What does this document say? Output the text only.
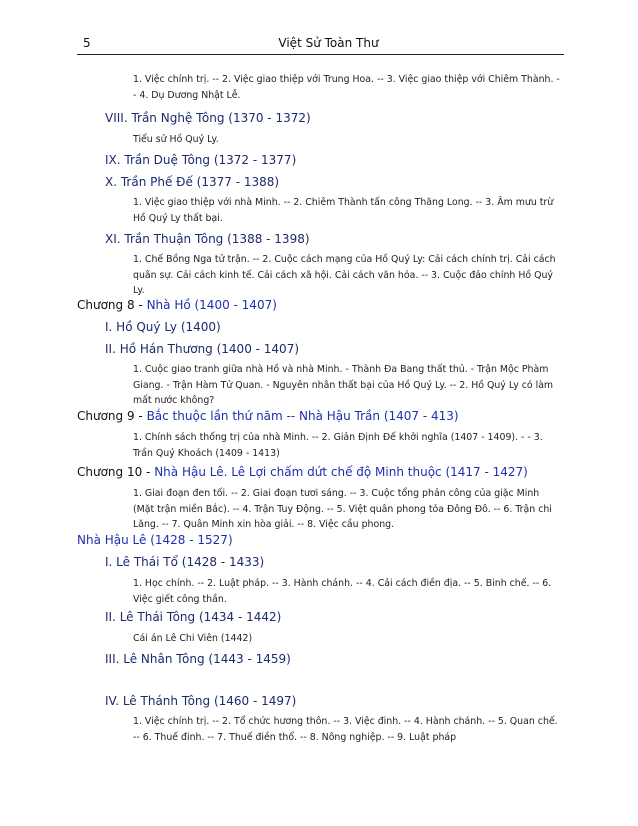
5	Việt Sử Toàn Thư
1. Việc chính trị. -- 2. Việc giao thiệp với Trung Hoa. -- 3. Việc giao thiệp với Chiêm Thành. -- 4. Dụ Dương Nhật Lễ.
VIII. Trần Nghệ Tông (1370 - 1372)
Tiểu sử Hồ Quý Ly.
IX. Trần Duệ Tông (1372 - 1377)
X. Trần Phế Đế (1377 - 1388)
1. Việc giao thiệp với nhà Minh. -- 2. Chiêm Thành tấn công Thăng Long. -- 3. Âm mưu trừ Hồ Quý Ly thất bại.
XI. Trần Thuận Tông (1388 - 1398)
1. Chế Bồng Nga tử trận. -- 2. Cuộc cách mạng của Hồ Quý Ly: Cải cách chính trị. Cải cách quân sự. Cải cách kinh tế. Cải cách xã hội. Cải cách văn hóa. -- 3. Cuộc đảo chính Hồ Quý Ly.
Chương 8 - Nhà Hồ (1400 - 1407)
I. Hồ Quý Ly (1400)
II. Hồ Hán Thương (1400 - 1407)
1. Cuộc giao tranh giữa nhà Hồ và nhà Minh. - Thành Đa Bang thất thủ. - Trận Mộc Phàm Giang. - Trận Hàm Tử Quan. - Nguyên nhân thất bại của Hồ Quý Ly. -- 2. Hồ Quý Ly có làm mất nước không?
Chương 9 - Bắc thuộc lần thứ năm -- Nhà Hậu Trần (1407 - 413)
1. Chính sách thống trị của nhà Minh. -- 2. Giản Định Đế khởi nghĩa (1407 - 1409). - - 3. Trần Quý Khoách (1409 - 1413)
Chương 10 - Nhà Hậu Lê. Lê Lợi chấm dứt chế độ Minh thuộc (1417 - 1427)
1. Giai đoạn đen tối. -- 2. Giai đoạn tươi sáng. -- 3. Cuộc tổng phản công của giặc Minh (Mặt trận miền Bắc). -- 4. Trận Tuy Động. -- 5. Việt quân phong tỏa Đông Đô. -- 6. Trận chi Lăng. -- 7. Quân Minh xin hòa giải. -- 8. Việc cầu phong.
Nhà Hậu Lê (1428 - 1527)
I. Lê Thái Tổ (1428 - 1433)
1. Học chính. -- 2. Luật pháp. -- 3. Hành chánh. -- 4. Cải cách điền địa. -- 5. Binh chế. -- 6. Việc giết công thần.
II. Lê Thái Tông (1434 - 1442)
Cái án Lê Chi Viên (1442)
III. Lê Nhân Tông (1443 - 1459)
IV. Lê Thánh Tông (1460 - 1497)
1. Việc chính trị. -- 2. Tổ chức hương thôn. -- 3. Việc đinh. -- 4. Hành chánh. -- 5. Quan chế. -- 6. Thuế đinh. -- 7. Thuế điền thổ. -- 8. Nông nghiệp. -- 9. Luật pháp
